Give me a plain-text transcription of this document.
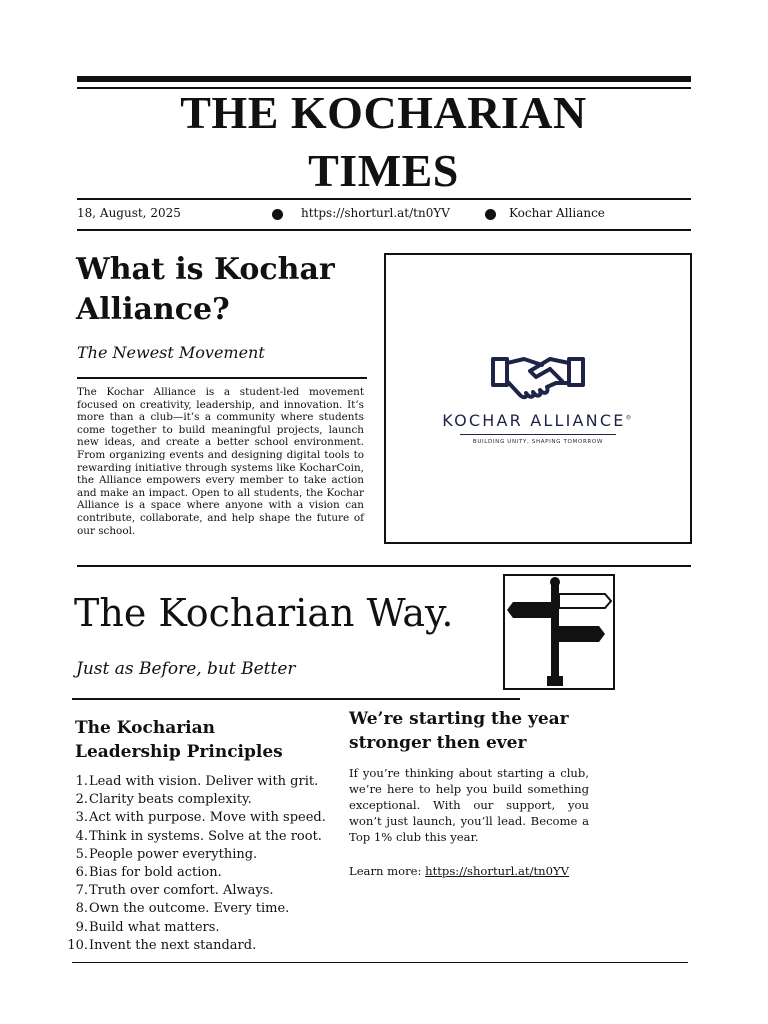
THE KOCHARIAN
TIMES
18, August, 2025	https://shorturl.at/tn0YV	Kochar Alliance
What is Kochar
Alliance?
The Newest Movement
The Kochar Alliance is a student-led movement focused on creativity, leadership, and innovation. It’s more than a club—it’s a community where students come together to build meaningful projects, launch new ideas, and create a better school environment. From organizing events and designing digital tools to rewarding initiative through systems like KocharCoin, the Alliance empowers every member to take action and make an impact. Open to all students, the Kochar Alliance is a space where anyone with a vision can contribute, collaborate, and help shape the future of our school.
KOCHAR ALLIANCE®
BUILDING UNITY, SHAPING TOMORROW
The Kocharian Way.
Just as Before, but Better
The Kocharian
Leadership Principles
1. Lead with vision. Deliver with grit.
2. Clarity beats complexity.
3. Act with purpose. Move with speed.
4. Think in systems. Solve at the root.
5. People power everything.
6. Bias for bold action.
7. Truth over comfort. Always.
8. Own the outcome. Every time.
9. Build what matters.
10. Invent the next standard.
We’re starting the year
stronger then ever
If you’re thinking about starting a club, we’re here to help you build something exceptional. With our support, you won’t just launch, you’ll lead. Become a Top 1% club this year.
Learn more: https://shorturl.at/tn0YV
